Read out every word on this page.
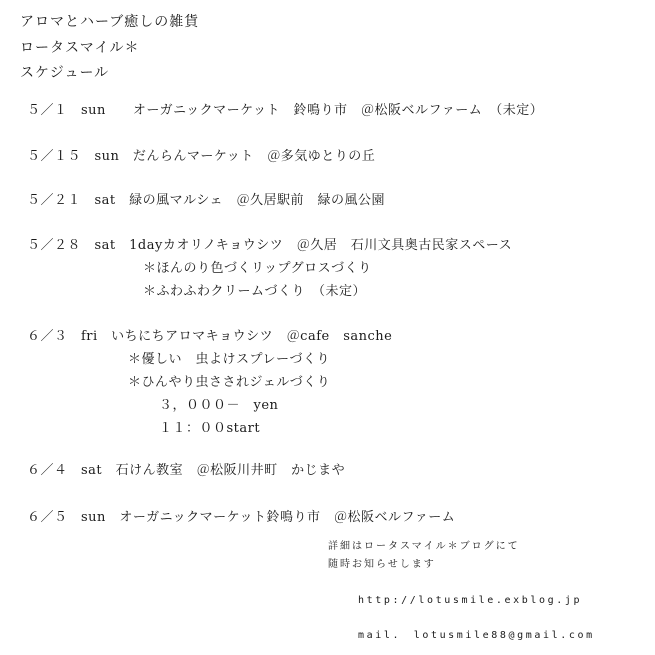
アロマとハーブ癒しの雑貨
ロータスマイル＊
スケジュール
５／１　sun　　オーガニックマーケット　鈴鳴り市　＠松阪ベルファーム　（未定）
５／１５　sun　だんらんマーケット　＠多気ゆとりの丘
５／２１　sat　緑の風マルシェ　＠久居駅前　緑の風公園
５／２８　sat　1dayカオリノキョウシツ　＠久居　石川文具奥古民家スペース
＊ほんのり色づくリップグロスづくり
＊ふわふわクリームづくり　（未定）
６／３　fri　いちにちアロマキョウシツ　＠cafe　sanche
＊優しい　虫よけスプレーづくり
＊ひんやり虫さされジェルづくり
３，０００－　yen
１１：００start
６／４　sat　石けん教室　＠松阪川井町　かじまや
６／５　sun　オーガニックマーケット鈴鳴り市　＠松阪ベルファーム
詳細はロータスマイル＊ブログにて
随時お知らせします
http://lotusmile.exblog.jp
mail.　lotusmile88@gmail.com
